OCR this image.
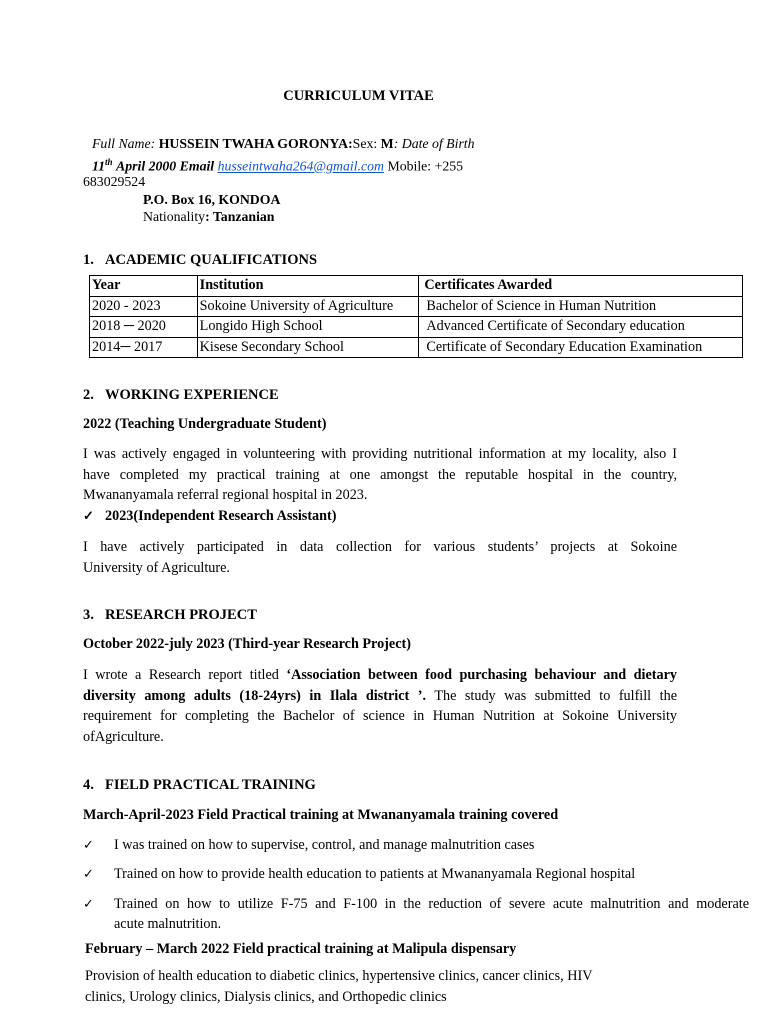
CURRICULUM VITAE
Full Name: HUSSEIN TWAHA GORONYA:Sex: M: Date of Birth
11th April 2000 Email husseintwaha264@gmail.com Mobile: +255
683029524
P.O. Box 16, KONDOA
Nationality: Tanzanian
1. ACADEMIC QUALIFICATIONS
Year	Institution	Certificates Awarded
2020 - 2023	Sokoine University of Agriculture	Bachelor of Science in Human Nutrition
2018 ─ 2020	Longido High School	Advanced Certificate of Secondary education
2014─ 2017	Kisese Secondary School	Certificate of Secondary Education Examination
2. WORKING EXPERIENCE
2022 (Teaching Undergraduate Student)
I was actively engaged in volunteering with providing nutritional information at my locality, also I
have completed my practical training at one amongst the reputable hospital in the country,
Mwananyamala referral regional hospital in 2023.
✓ 2023(Independent Research Assistant)
I have actively participated in data collection for various students’ projects at Sokoine
University of Agriculture.
3. RESEARCH PROJECT
October 2022-july 2023 (Third-year Research Project)
I wrote a Research report titled ‘Association between food purchasing behaviour and dietary
diversity among adults (18-24yrs) in Ilala district ’. The study was submitted to fulfill the
requirement for completing the Bachelor of science in Human Nutrition at Sokoine University
ofAgriculture.
4. FIELD PRACTICAL TRAINING
March-April-2023 Field Practical training at Mwananyamala training covered
✓ I was trained on how to supervise, control, and manage malnutrition cases
✓ Trained on how to provide health education to patients at Mwananyamala Regional hospital
✓ Trained on how to utilize F-75 and F-100 in the reduction of severe acute malnutrition and moderate
acute malnutrition.
February – March 2022 Field practical training at Malipula dispensary
Provision of health education to diabetic clinics, hypertensive clinics, cancer clinics, HIV
clinics, Urology clinics, Dialysis clinics, and Orthopedic clinics
